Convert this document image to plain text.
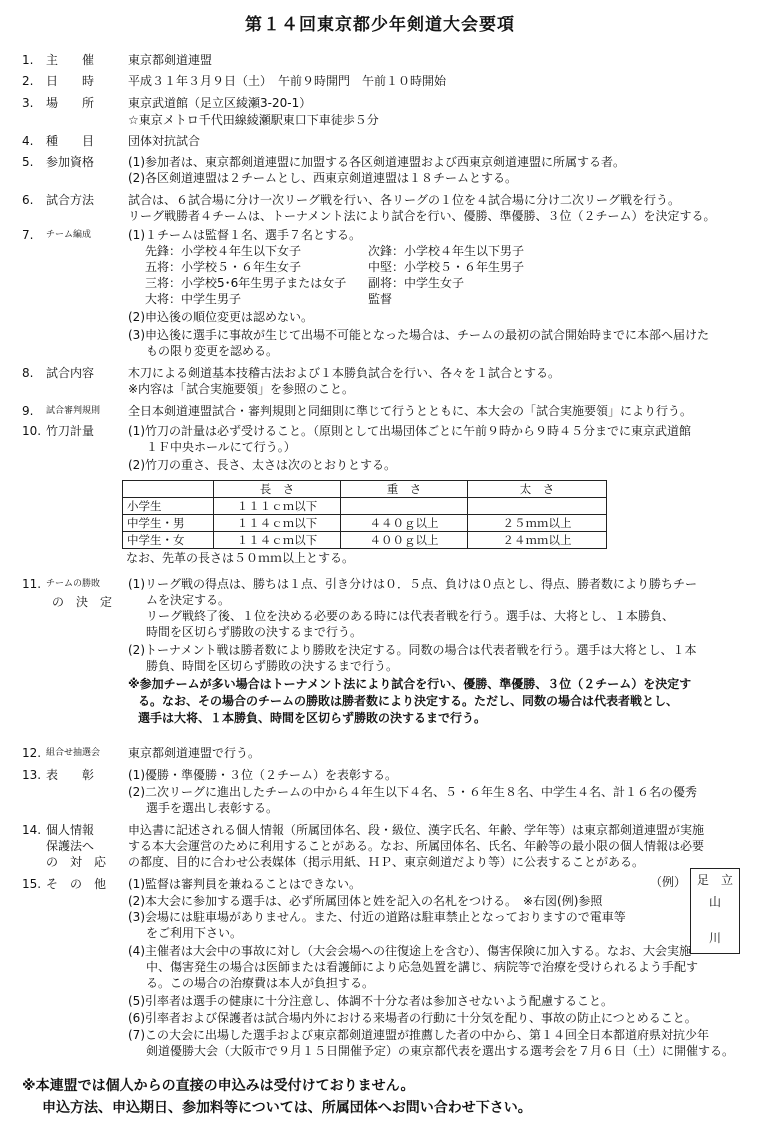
第１４回東京都少年剣道大会要項
1.	主　　催	東京都剣道連盟
2.	日　　時	平成３１年３月９日（土）　午前９時開門　午前１０時開始
3.	場　　所	東京武道館（足立区綾瀬3-20-1）
☆東京メトロ千代田線綾瀬駅東口下車徒歩５分
4.	種　　目	団体対抗試合
5.	参加資格	(1)参加者は、東京都剣道連盟に加盟する各区剣道連盟および西東京剣道連盟に所属する者。
(2)各区剣道連盟は２チームとし、西東京剣道連盟は１８チームとする。
6.	試合方法	試合は、６試合場に分け一次リーグ戦を行い、各リーグの１位を４試合場に分け二次リーグ戦を行う。
リーグ戦勝者４チームは、トーナメント法により試合を行い、優勝、準優勝、３位（２チーム）を決定する。
7.	チーム編成	(1)１チームは監督１名、選手７名とする。
先鋒：小学校４年生以下女子	次鋒：小学校４年生以下男子
五将：小学校５・６年生女子	中堅：小学校５・６年生男子
三将：小学校5･6年生男子または女子 副将：中学生女子
大将：中学生男子	監督
(2)申込後の順位変更は認めない。
(3)申込後に選手に事故が生じて出場不可能となった場合は、チームの最初の試合開始時までに本部へ届けた
もの限り変更を認める。
8.	試合内容	木刀による剣道基本技稽古法および１本勝負試合を行い、各々を１試合とする。
※内容は「試合実施要領」を参照のこと。
9.	試合審判規則	全日本剣道連盟試合・審判規則と同細則に準じて行うとともに、本大会の「試合実施要領」により行う。
10. 竹刀計量	(1)竹刀の計量は必ず受けること。（原則として出場団体ごとに午前９時から９時４５分までに東京武道館
１Ｆ中央ホールにて行う。）
(2)竹刀の重さ、長さ、太さは次のとおりとする。
	長　さ	重　さ	太　さ
小学生	１１１ｃｍ以下		
中学生・男	１１４ｃｍ以下	４４０ｇ以上	２５ｍｍ以上
中学生・女	１１４ｃｍ以下	４００ｇ以上	２４ｍｍ以上
なお、先革の長さは５０ｍｍ以上とする。
11. チームの勝敗
の　決　定
(1)リーグ戦の得点は、勝ちは１点、引き分けは０．５点、負けは０点とし、得点、勝者数により勝ちチー
ムを決定する。
リーグ戦終了後、１位を決める必要のある時には代表者戦を行う。選手は、大将とし、１本勝負、
時間を区切らず勝敗の決するまで行う。
(2)トーナメント戦は勝者数により勝敗を決定する。同数の場合は代表者戦を行う。選手は大将とし、１本
勝負、時間を区切らず勝敗の決するまで行う。
※参加チームが多い場合はトーナメント法により試合を行い、優勝、準優勝、３位（２チーム）を決定す
る。なお、その場合のチームの勝敗は勝者数により決定する。ただし、同数の場合は代表者戦とし、
選手は大将、１本勝負、時間を区切らず勝敗の決するまで行う。
12. 組合せ抽選会	東京都剣道連盟で行う。
13. 表　　彰	(1)優勝・準優勝・３位（２チーム）を表彰する。
(2)二次リーグに進出したチームの中から４年生以下４名、５・６年生８名、中学生４名、計１６名の優秀
選手を選出し表彰する。
14. 個人情報
保護法へ
の　対　応
申込書に記述される個人情報（所属団体名、段・級位、漢字氏名、年齢、学年等）は東京都剣道連盟が実施
する本大会運営のために利用することがある。なお、所属団体名、氏名、年齢等の最小限の個人情報は必要
の都度、目的に合わせ公表媒体（掲示用紙、ＨＰ、東京剣道だより等）に公表することがある。
15. そ　の　他	(1)監督は審判員を兼ねることはできない。
(2)本大会に参加する選手は、必ず所属団体と姓を記入の名札をつける。　※右図(例)参照
(3)会場には駐車場がありません。また、付近の道路は駐車禁止となっておりますので電車等
をご利用下さい。
(4)主催者は大会中の事故に対し（大会会場への往復途上を含む）、傷害保険に加入する。なお、大会実施
中、傷害発生の場合は医師または看護師により応急処置を講じ、病院等で治療を受けられるよう手配す
る。この場合の治療費は本人が負担する。
(5)引率者は選手の健康に十分注意し、体調不十分な者は参加させないよう配慮すること。
(6)引率者および保護者は試合場内外における来場者の行動に十分気を配り、事故の防止につとめること。
(7)この大会に出場した選手および東京都剣道連盟が推薦した者の中から、第１４回全日本都道府県対抗少年
剣道優勝大会（大阪市で９月１５日開催予定）の東京都代表を選出する選考会を７月６日（土）に開催する。
（例） 足 立
山
川
※本連盟では個人からの直接の申込みは受付けておりません。
申込方法、申込期日、参加料等については、所属団体へお問い合わせ下さい。
